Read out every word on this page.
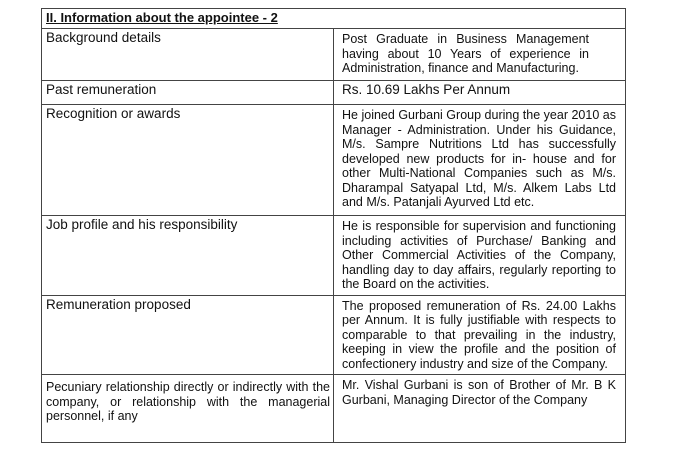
II. Information about the appointee - 2	
Background details	Post Graduate in Business Management having about 10 Years of experience in Administration, finance and Manufacturing.
Past remuneration	Rs. 10.69 Lakhs Per Annum
Recognition or awards	He joined Gurbani Group during the year 2010 as Manager - Administration. Under his Guidance, M/s. Sampre Nutritions Ltd has successfully developed new products for in- house and for other Multi-National Companies such as M/s. Dharampal Satyapal Ltd, M/s. Alkem Labs Ltd and M/s. Patanjali Ayurved Ltd etc.
Job profile and his responsibility	He is responsible for supervision and functioning including activities of Purchase/ Banking and Other Commercial Activities of the Company, handling day to day affairs, regularly reporting to the Board on the activities.
Remuneration proposed	The proposed remuneration of Rs. 24.00 Lakhs per Annum. It is fully justifiable with respects to comparable to that prevailing in the industry, keeping in view the profile and the position of confectionery industry and size of the Company.
Pecuniary relationship directly or indirectly with the company, or relationship with the managerial personnel, if any	Mr. Vishal Gurbani is son of Brother of Mr. B K Gurbani, Managing Director of the Company
